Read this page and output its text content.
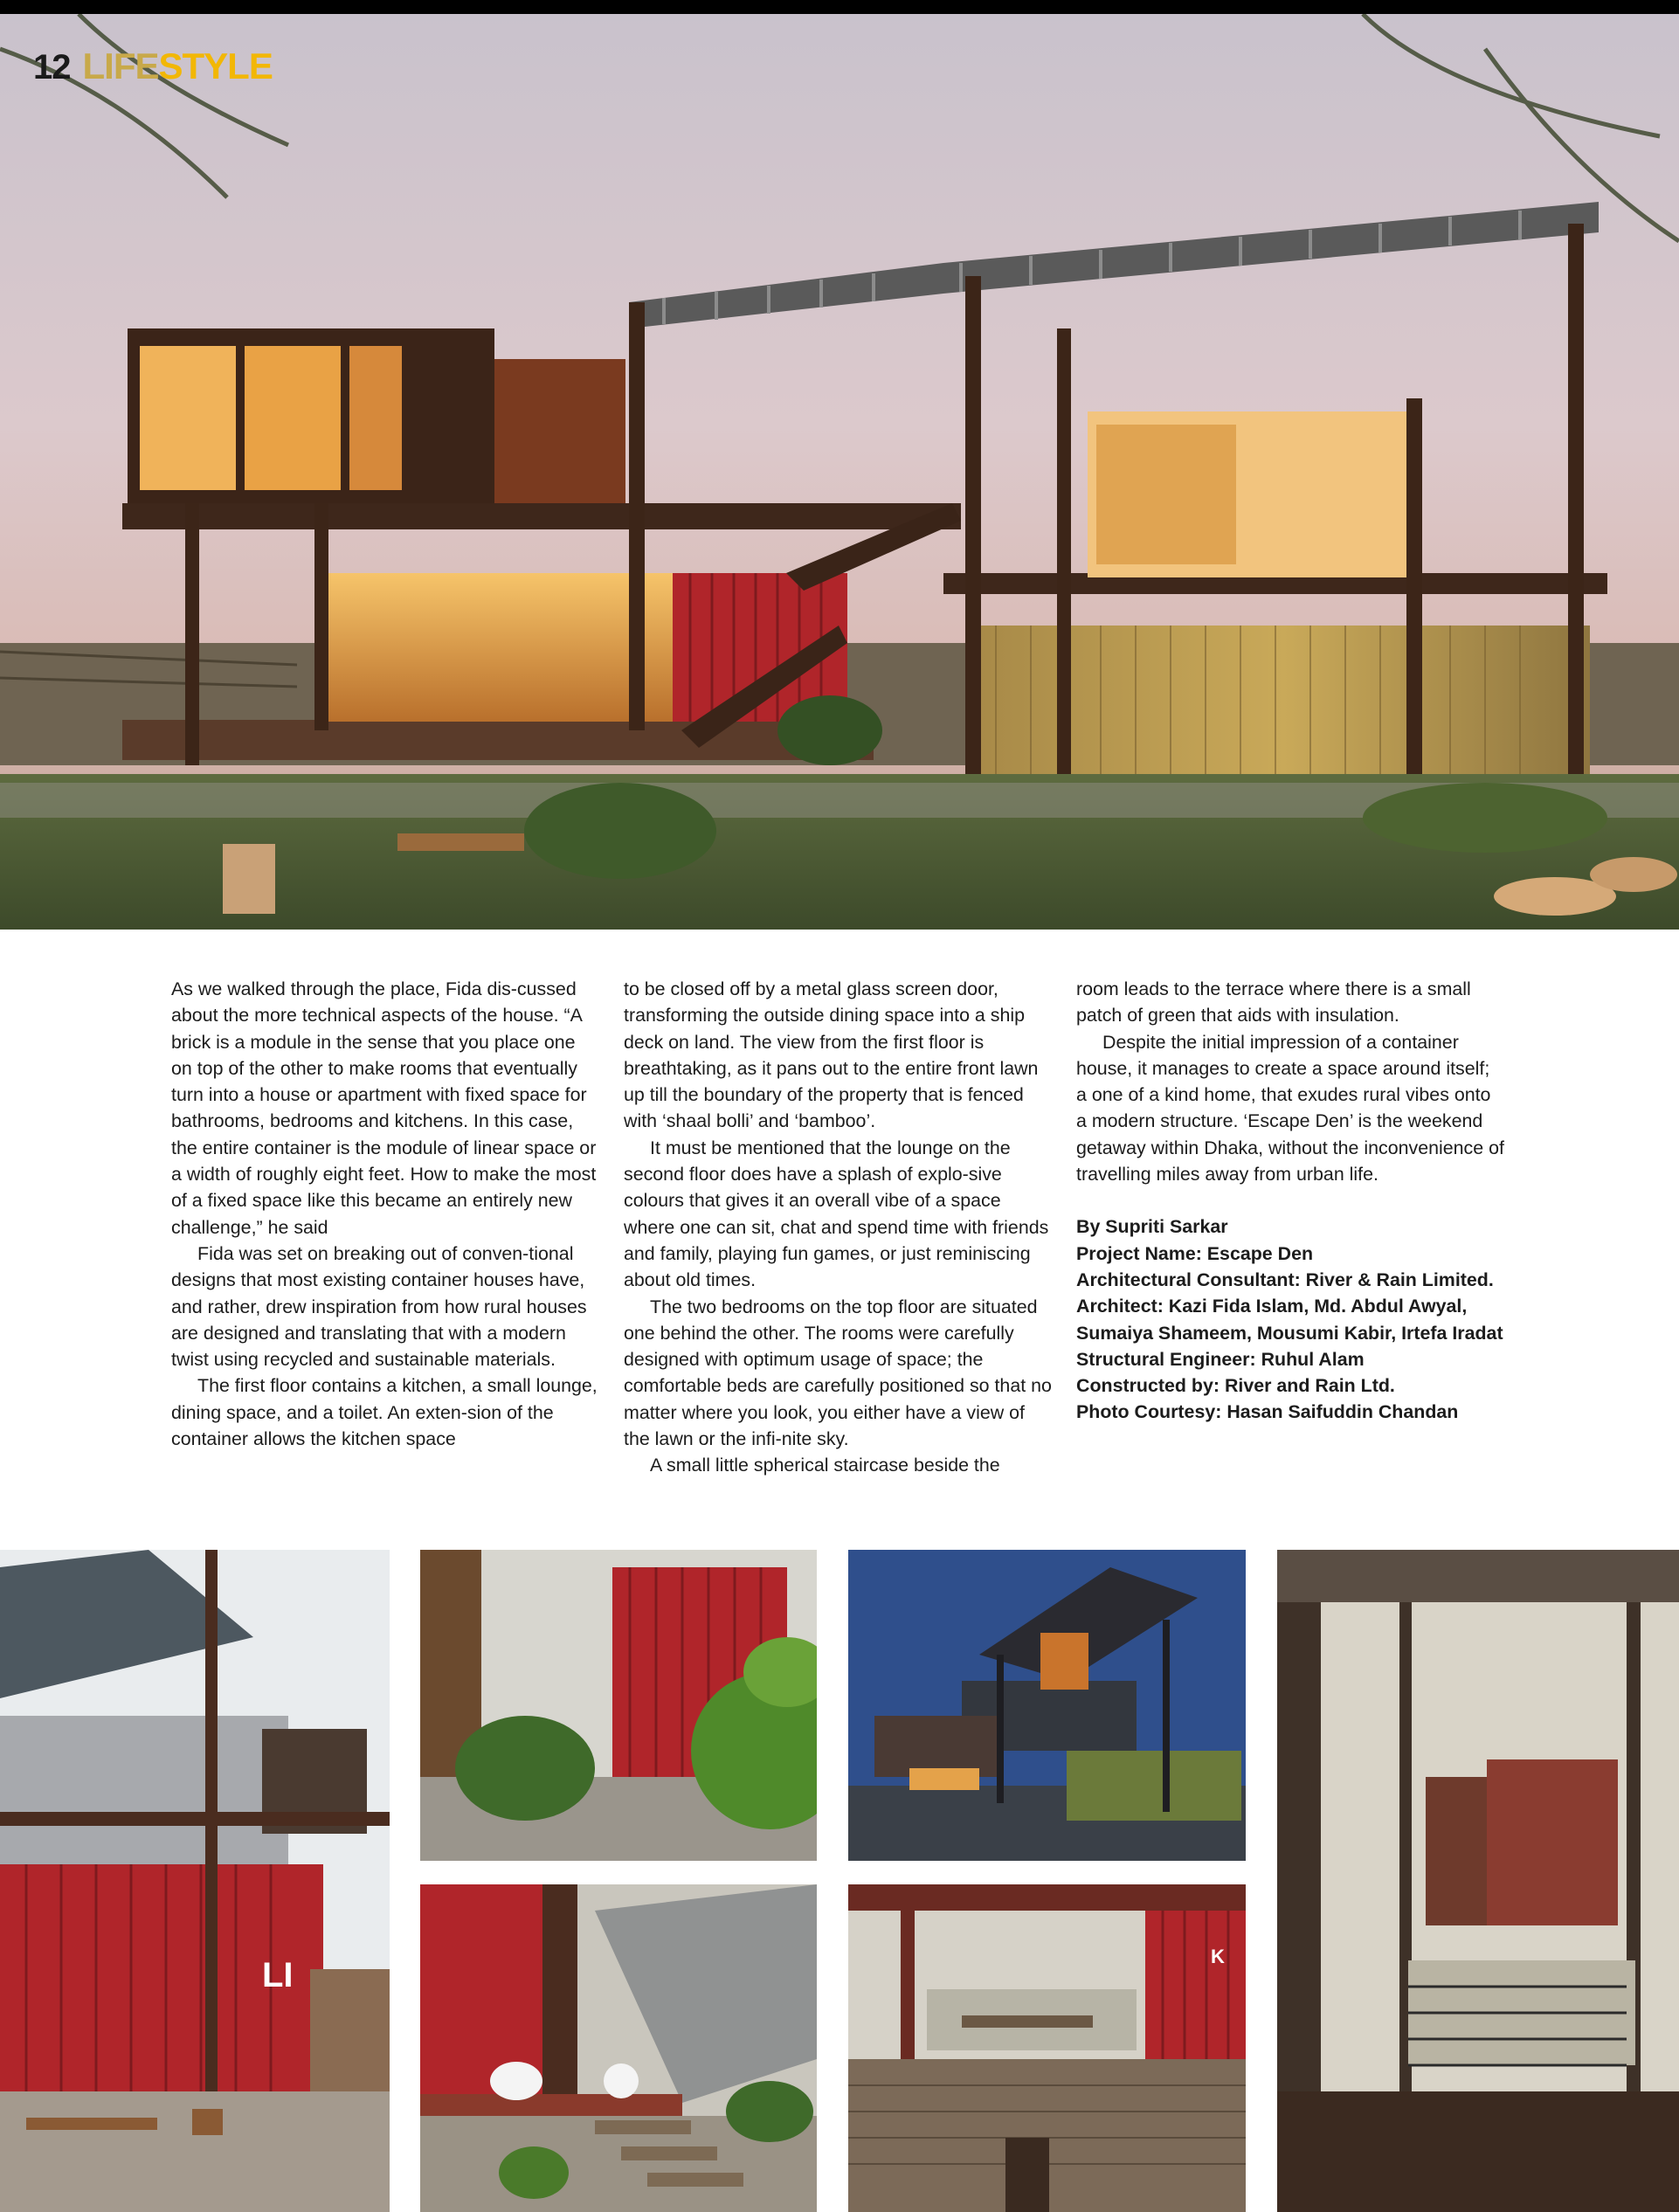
12 LIFESTYLE

As we walked through the place, Fida dis-cussed about the more technical aspects of the house. “A brick is a module in the sense that you place one on top of the other to make rooms that eventually turn into a house or apartment with fixed space for bathrooms, bedrooms and kitchens. In this case, the entire container is the module of linear space or a width of roughly eight feet. How to make the most of a fixed space like this became an entirely new challenge,” he said

Fida was set on breaking out of conven-tional designs that most existing container houses have, and rather, drew inspiration from how rural houses are designed and translating that with a modern twist using recycled and sustainable materials.

The first floor contains a kitchen, a small lounge, dining space, and a toilet. An exten-sion of the container allows the kitchen space

to be closed off by a metal glass screen door, transforming the outside dining space into a ship deck on land. The view from the first floor is breathtaking, as it pans out to the entire front lawn up till the boundary of the property that is fenced with ‘shaal bolli’ and ‘bamboo’.

It must be mentioned that the lounge on the second floor does have a splash of explo-sive colours that gives it an overall vibe of a space where one can sit, chat and spend time with friends and family, playing fun games, or just reminiscing about old times.

The two bedrooms on the top floor are situated one behind the other. The rooms were carefully designed with optimum usage of space; the comfortable beds are carefully positioned so that no matter where you look, you either have a view of the lawn or the infi-nite sky.

A small little spherical staircase beside the

room leads to the terrace where there is a small patch of green that aids with insulation.

Despite the initial impression of a container house, it manages to create a space around itself; a one of a kind home, that exudes rural vibes onto a modern structure. ‘Escape Den’ is the weekend getaway within Dhaka, without the inconvenience of travelling miles away from urban life.

By Supriti Sarkar

Project Name: Escape Den

Architectural Consultant: River & Rain Limited.

Architect: Kazi Fida Islam, Md. Abdul Awyal, Sumaiya Shameem, Mousumi Kabir, Irtefa Iradat

Structural Engineer: Ruhul Alam

Constructed by: River and Rain Ltd.

Photo Courtesy: Hasan Saifuddin Chandan

LI	K
